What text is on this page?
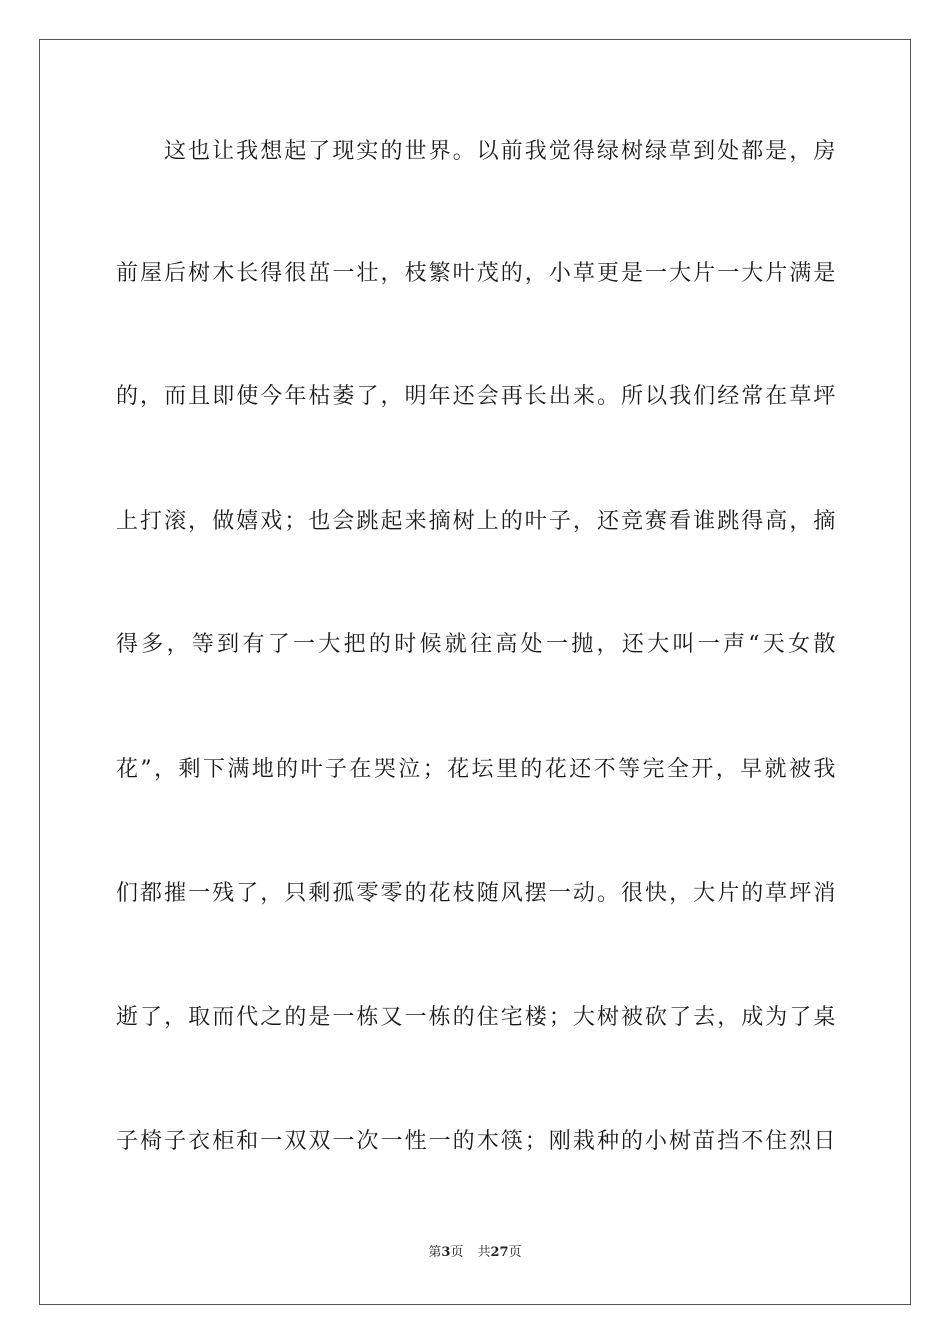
这也让我想起了现实的世界。以前我觉得绿树绿草到处都是，房
前屋后树木长得很茁一壮，枝繁叶茂的，小草更是一大片一大片满是
的，而且即使今年枯萎了，明年还会再长出来。所以我们经常在草坪
上打滚，做嬉戏；也会跳起来摘树上的叶子，还竞赛看谁跳得高，摘
得多，等到有了一大把的时候就往高处一抛，还大叫一声“天女散
花”，剩下满地的叶子在哭泣；花坛里的花还不等完全开，早就被我
们都摧一残了，只剩孤零零的花枝随风摆一动。很快，大片的草坪消
逝了，取而代之的是一栋又一栋的住宅楼；大树被砍了去，成为了桌
子椅子衣柜和一双双一次一性一的木筷；刚栽种的小树苗挡不住烈日
第3页 共27页
